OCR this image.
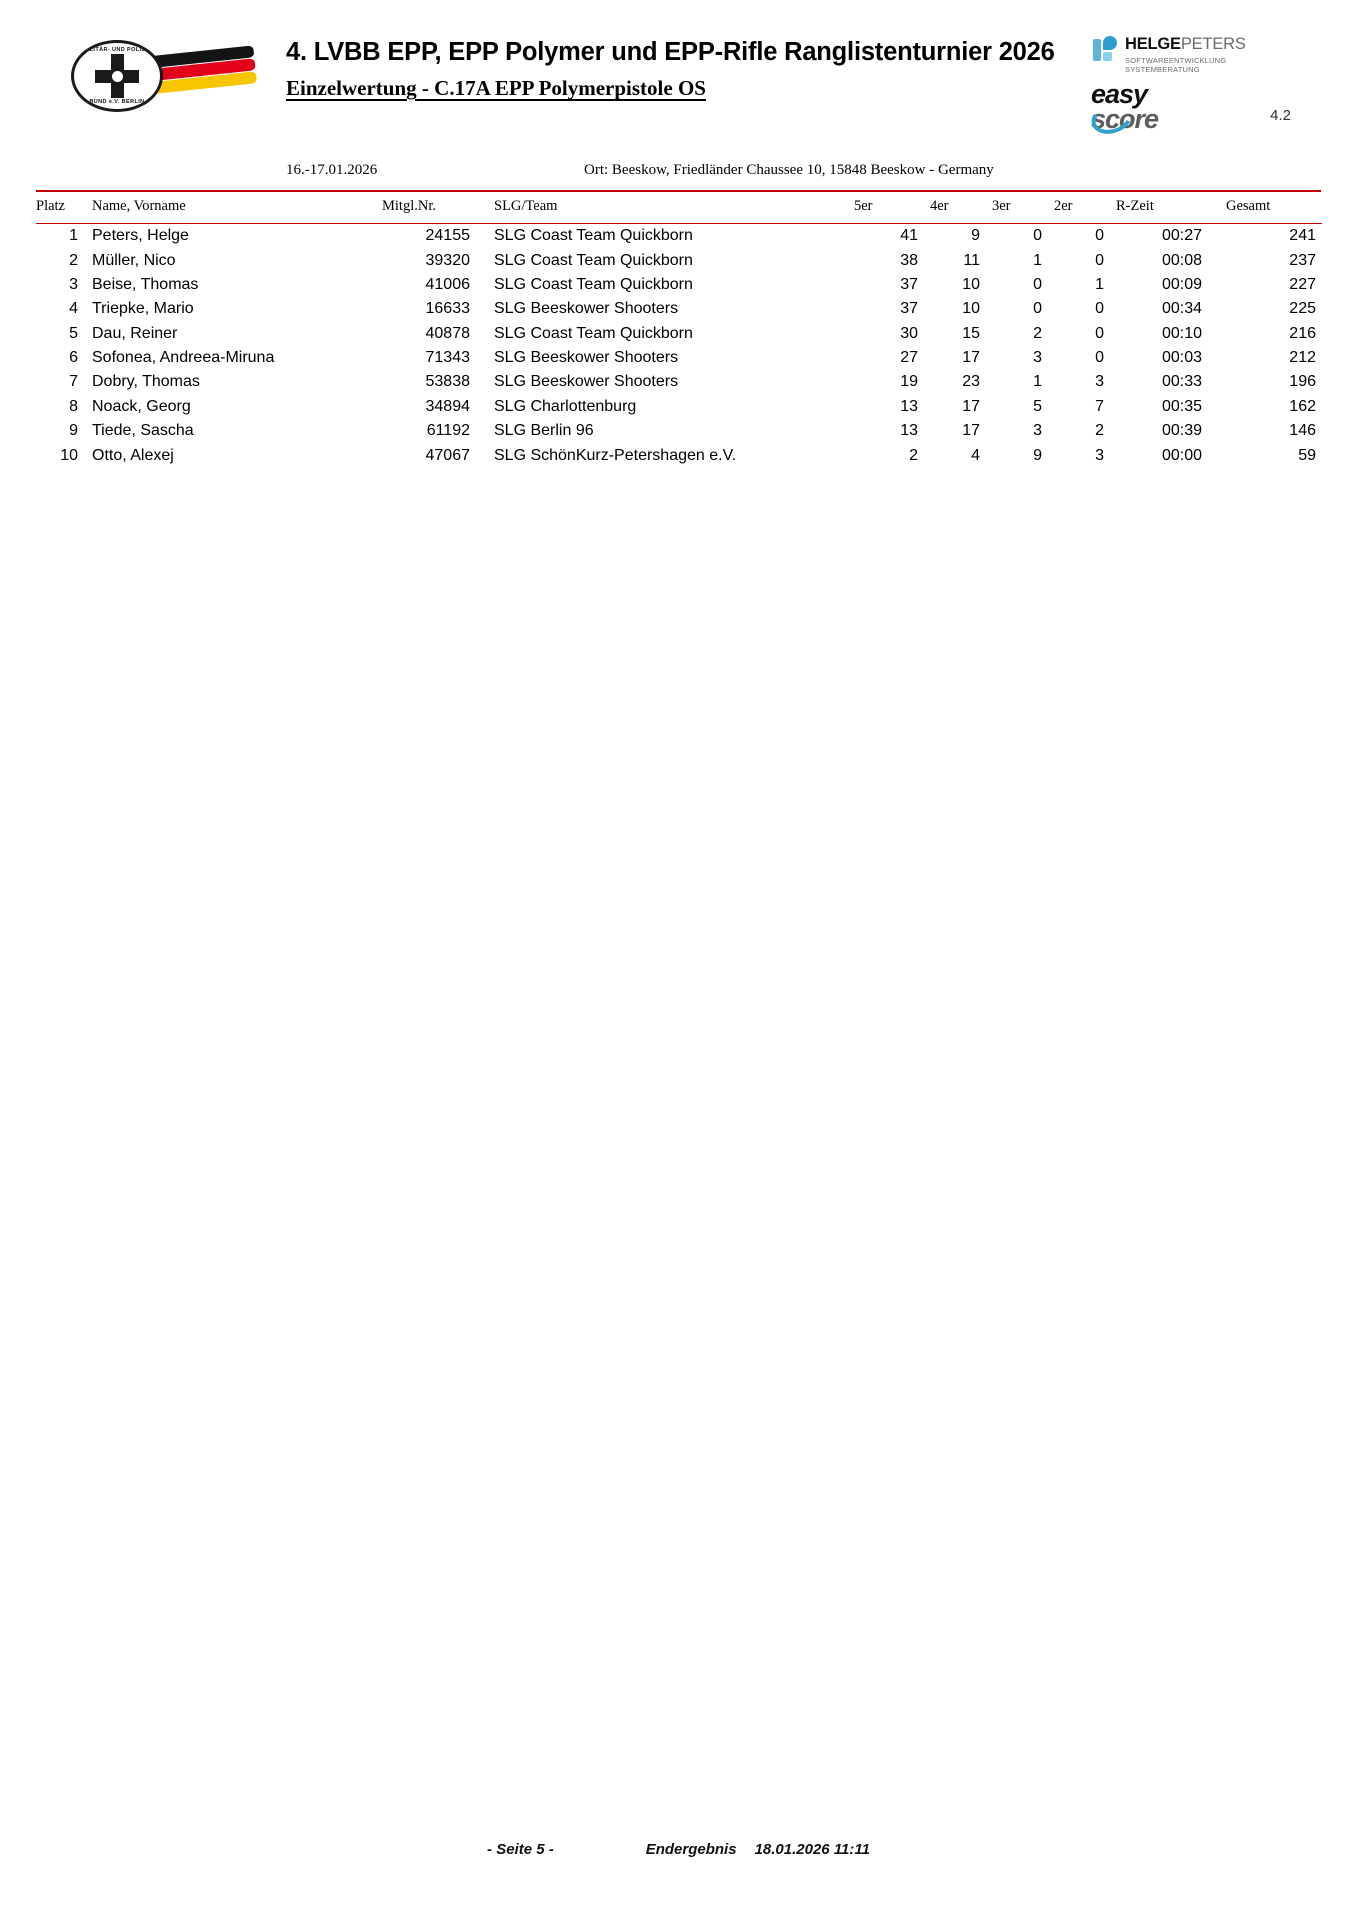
MILITÄR- UND POLIZEI
BUND e.V. BERLIN
4. LVBB EPP, EPP Polymer und EPP-Rifle Ranglistenturnier 2026
Einzelwertung - C.17A EPP Polymerpistole OS
HELGEPETERS
SOFTWAREENTWICKLUNG
SYSTEMBERATUNG
easy
score	4.2
16.-17.01.2026	Ort: Beeskow, Friedländer Chaussee 10, 15848 Beeskow - Germany
Platz	Name, Vorname	Mitgl.Nr.	SLG/Team	5er	4er	3er	2er	R-Zeit	Gesamt
1	Peters, Helge	24155	SLG Coast Team Quickborn	41	9	0	0	00:27	241
2	Müller, Nico	39320	SLG Coast Team Quickborn	38	11	1	0	00:08	237
3	Beise, Thomas	41006	SLG Coast Team Quickborn	37	10	0	1	00:09	227
4	Triepke, Mario	16633	SLG Beeskower Shooters	37	10	0	0	00:34	225
5	Dau, Reiner	40878	SLG Coast Team Quickborn	30	15	2	0	00:10	216
6	Sofonea, Andreea-Miruna	71343	SLG Beeskower Shooters	27	17	3	0	00:03	212
7	Dobry, Thomas	53838	SLG Beeskower Shooters	19	23	1	3	00:33	196
8	Noack, Georg	34894	SLG Charlottenburg	13	17	5	7	00:35	162
9	Tiede, Sascha	61192	SLG Berlin 96	13	17	3	2	00:39	146
10	Otto, Alexej	47067	SLG SchönKurz-Petershagen e.V.	2	4	9	3	00:00	59
- Seite 5 -	Endergebnis 18.01.2026 11:11
